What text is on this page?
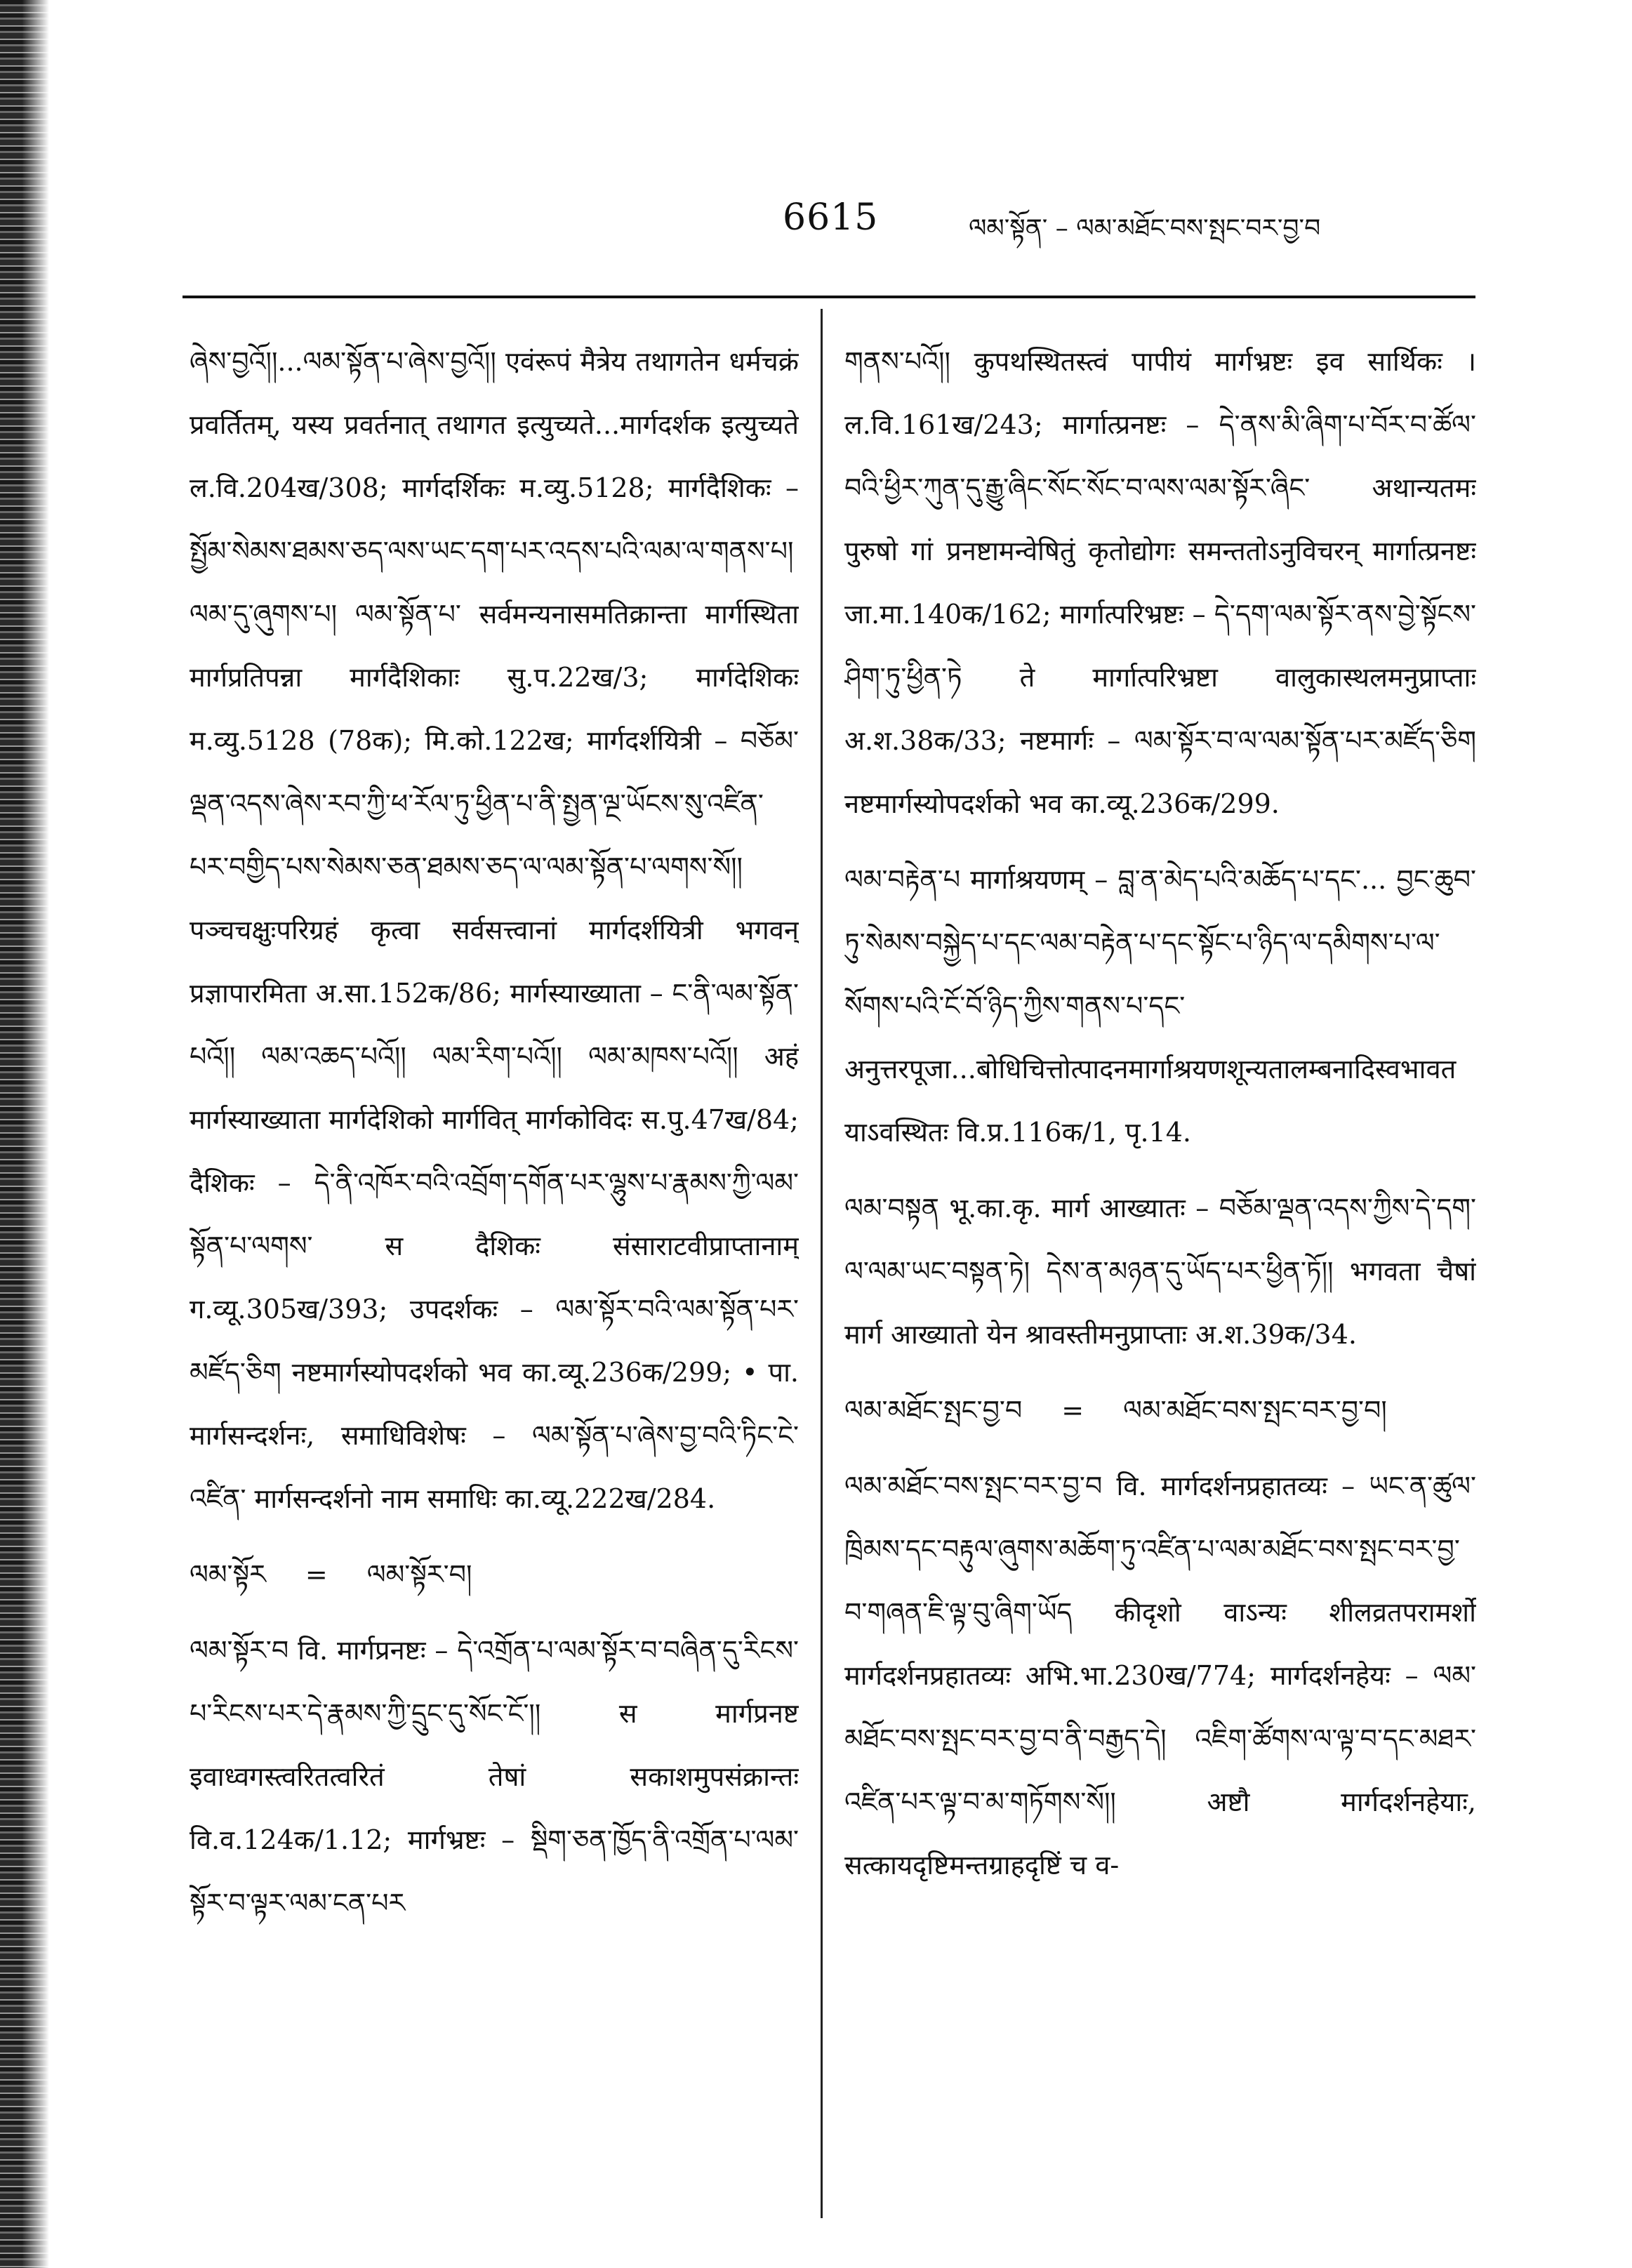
6615	ལམ་སྟོན་ – ལམ་མཐོང་བས་སྤང་བར་བྱ་བ

ཞེས་བྱའོ།།...ལམ་སྟོན་པ་ཞེས་བྱའོ།། एवंरूपं मैत्रेय तथागतेन धर्मचक्रं प्रवर्तितम्, यस्य प्रवर्तनात् तथागत इत्युच्यते...मार्गदर्शक इत्युच्यते ल.वि.204ख/308; मार्गदर्शिकः म.व्यु.5128; मार्गदैशिकः – སྤྱོམ་སེམས་ཐམས་ཅད་ལས་ཡང་དག་པར་འདས་པའི་ལམ་ལ་གནས་པ། ལམ་དུ་ཞུགས་པ། ལམ་སྟོན་པ་ सर्वमन्यनासमतिक्रान्ता मार्गस्थिता मार्गप्रतिपन्ना मार्गदैशिकाः सु.प.22ख/3; मार्गदेशिकः म.व्यु.5128 (78क); मि.को.122ख; मार्गदर्शयित्री – བཅོམ་ལྡན་འདས་ཞེས་རབ་ཀྱི་ཕ་རོལ་ཏུ་ཕྱིན་པ་ནི་སྤྱན་ལྔ་ཡོངས་སུ་འཛིན་པར་བགྱིད་པས་སེམས་ཅན་ཐམས་ཅད་ལ་ལམ་སྟོན་པ་ལགས་སོ།། पञ्चचक्षुःपरिग्रहं कृत्वा सर्वसत्त्वानां मार्गदर्शयित्री भगवन् प्रज्ञापारमिता अ.सा.152क/86; मार्गस्याख्याता – ང་ནི་ལམ་སྟོན་པའོ།། ལམ་འཆད་པའོ།། ལམ་རིག་པའོ།། ལམ་མཁས་པའོ།། अहं मार्गस्याख्याता मार्गदेशिको मार्गवित् मार्गकोविदः स.पु.47ख/84; दैशिकः – དེ་ནི་འཁོར་བའི་འབྲོག་དགོན་པར་ལྷུས་པ་རྣམས་ཀྱི་ལམ་སྟོན་པ་ལགས་ स दैशिकः संसाराटवीप्राप्तानाम् ग.व्यू.305ख/393; उपदर्शकः – ལམ་སྟོར་བའི་ལམ་སྟོན་པར་མཛོད་ཅིག नष्टमार्गस्योपदर्शको भव का.व्यू.236क/299; • पा. मार्गसन्दर्शनः, समाधिविशेषः – ལམ་སྟོན་པ་ཞེས་བྱ་བའི་ཏིང་ངེ་འཛིན་ मार्गसन्दर्शनो नाम समाधिः का.व्यू.222ख/284.

ལམ་སྟོར	=	ལམ་སྟོར་བ།

ལམ་སྟོར་བ वि. मार्गप्रनष्टः – དེ་འགྲོན་པ་ལམ་སྟོར་བ་བཞིན་དུ་རིངས་པ་རིངས་པར་དེ་རྣམས་ཀྱི་དྲུང་དུ་སོང་ངོ་།། स मार्गप्रनष्ट इवाध्वगस्त्वरितत्वरितं तेषां सकाशमुपसंक्रान्तः वि.व.124क/1.12; मार्गभ्रष्टः – སྡིག་ཅན་ཁྱོད་ནི་འགྲོན་པ་ལམ་སྟོར་བ་ལྟར་ལམ་ངན་པར

གནས་པའོ།། कुपथस्थितस्त्वं पापीयं मार्गभ्रष्टः इव सार्थिकः । ल.वि.161ख/243; मार्गात्प्रनष्टः – དེ་ནས་མི་ཞིག་པ་བོར་བ་ཚོལ་བའི་ཕྱིར་ཀུན་དུ་རྒྱུ་ཞིང་སོང་སོང་བ་ལས་ལམ་སྟོར་ཞིང་ अथान्यतमः पुरुषो गां प्रनष्टामन्वेषितुं कृतोद्योगः समन्ततोऽनुविचरन् मार्गात्प्रनष्टः जा.मा.140क/162; मार्गात्परिभ्रष्टः – དེ་དག་ལམ་སྟོར་ནས་བྱེ་སྟོངས་ཤིག་ཏུ་ཕྱིན་ཏེ ते मार्गात्परिभ्रष्टा वालुकास्थलमनुप्राप्ताः अ.श.38क/33; नष्टमार्गः – ལམ་སྟོར་བ་ལ་ལམ་སྟོན་པར་མཛོད་ཅིག नष्टमार्गस्योपदर्शको भव का.व्यू.236क/299.

ལམ་བརྟེན་པ मार्गाश्रयणम् – བླ་ན་མེད་པའི་མཆོད་པ་དང་... བྱང་ཆུབ་ཏུ་སེམས་བསྐྱེད་པ་དང་ལམ་བརྟེན་པ་དང་སྟོང་པ་ཉིད་ལ་དམིགས་པ་ལ་སོགས་པའི་ངོ་བོ་ཉིད་ཀྱིས་གནས་པ་དང་ अनुत्तरपूजा...बोधिचित्तोत्पादनमार्गाश्रयणशून्यतालम्बनादिस्वभावतयाऽवस्थितः वि.प्र.116क/1, पृ.14.

ལམ་བསྟན भू.का.कृ. मार्ग आख्यातः – བཅོམ་ལྡན་འདས་ཀྱིས་དེ་དག་ལ་ལམ་ཡང་བསྟན་ཏེ། དེས་ན་མཉན་དུ་ཡོད་པར་ཕྱིན་ཏོ།། भगवता चैषां मार्ग आख्यातो येन श्रावस्तीमनुप्राप्ताः अ.श.39क/34.

ལམ་མཐོང་སྤང་བྱ་བ	=	ལམ་མཐོང་བས་སྤང་བར་བྱ་བ།

ལམ་མཐོང་བས་སྤང་བར་བྱ་བ वि. मार्गदर्शनप्रहातव्यः – ཡང་ན་ཚུལ་ཁྲིམས་དང་བརྟུལ་ཞུགས་མཆོག་ཏུ་འཛིན་པ་ལམ་མཐོང་བས་སྤང་བར་བྱ་བ་གཞན་ཇི་ལྟ་བུ་ཞིག་ཡོད कीदृशो वाऽन्यः शीलव्रतपरामर्शो मार्गदर्शनप्रहातव्यः अभि.भा.230ख/774; मार्गदर्शनहेयः – ལམ་མཐོང་བས་སྤང་བར་བྱ་བ་ནི་བརྒྱད་དེ། འཇིག་ཚོགས་ལ་ལྟ་བ་དང་མཐར་འཛིན་པར་ལྟ་བ་མ་གཏོགས་སོ།། अष्टौ मार्गदर्शनहेयाः, सत्कायदृष्टिमन्तग्राहदृष्टिं च व-
